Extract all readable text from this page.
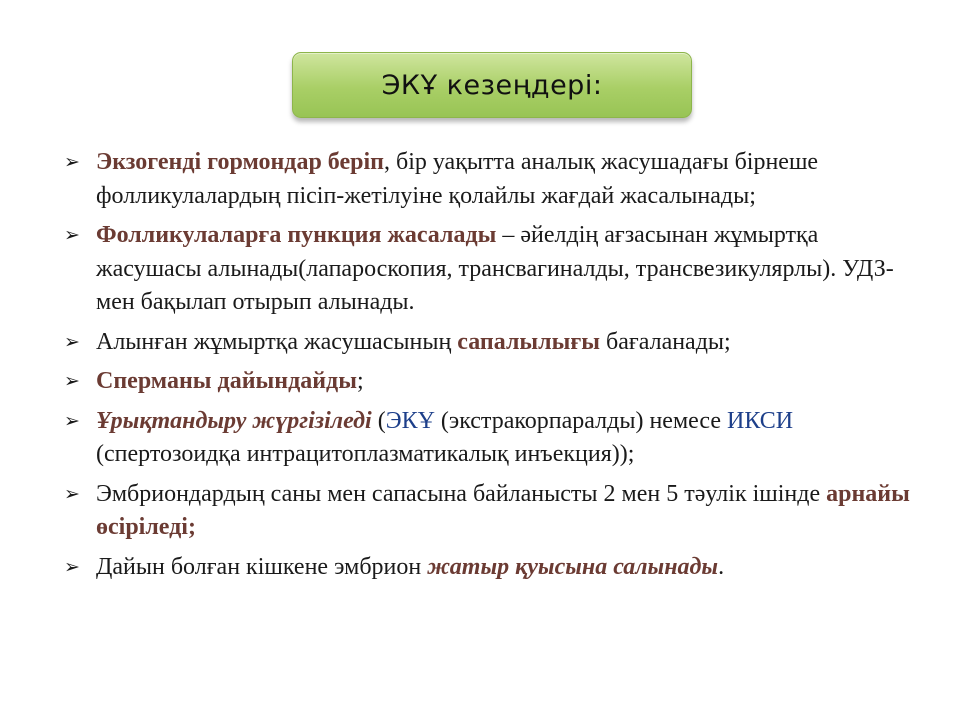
ЭКҰ кезеңдері:
➢ Экзогенді гормондар беріп, бір уақытта аналық жасушадағы бірнеше фолликулалардың пісіп-жетілуіне қолайлы жағдай жасалынады;
➢ Фолликулаларға пункция жасалады – әйелдің ағзасынан жұмыртқа жасушасы алынады(лапароскопия, трансвагиналды, трансвезикулярлы). УДЗ-мен бақылап отырып алынады.
➢ Алынған жұмыртқа жасушасының сапалылығы бағаланады;
➢ Сперманы дайындайды;
➢ Ұрықтандыру жүргізіледі (ЭКҰ (экстракорпаралды) немесе ИКСИ (спертозоидқа интрацитоплазматикалық инъекция));
➢ Эмбриондардың саны мен сапасына байланысты 2 мен 5 тәулік ішінде арнайы өсіріледі;
➢ Дайын болған кішкене эмбрион жатыр қуысына салынады.
